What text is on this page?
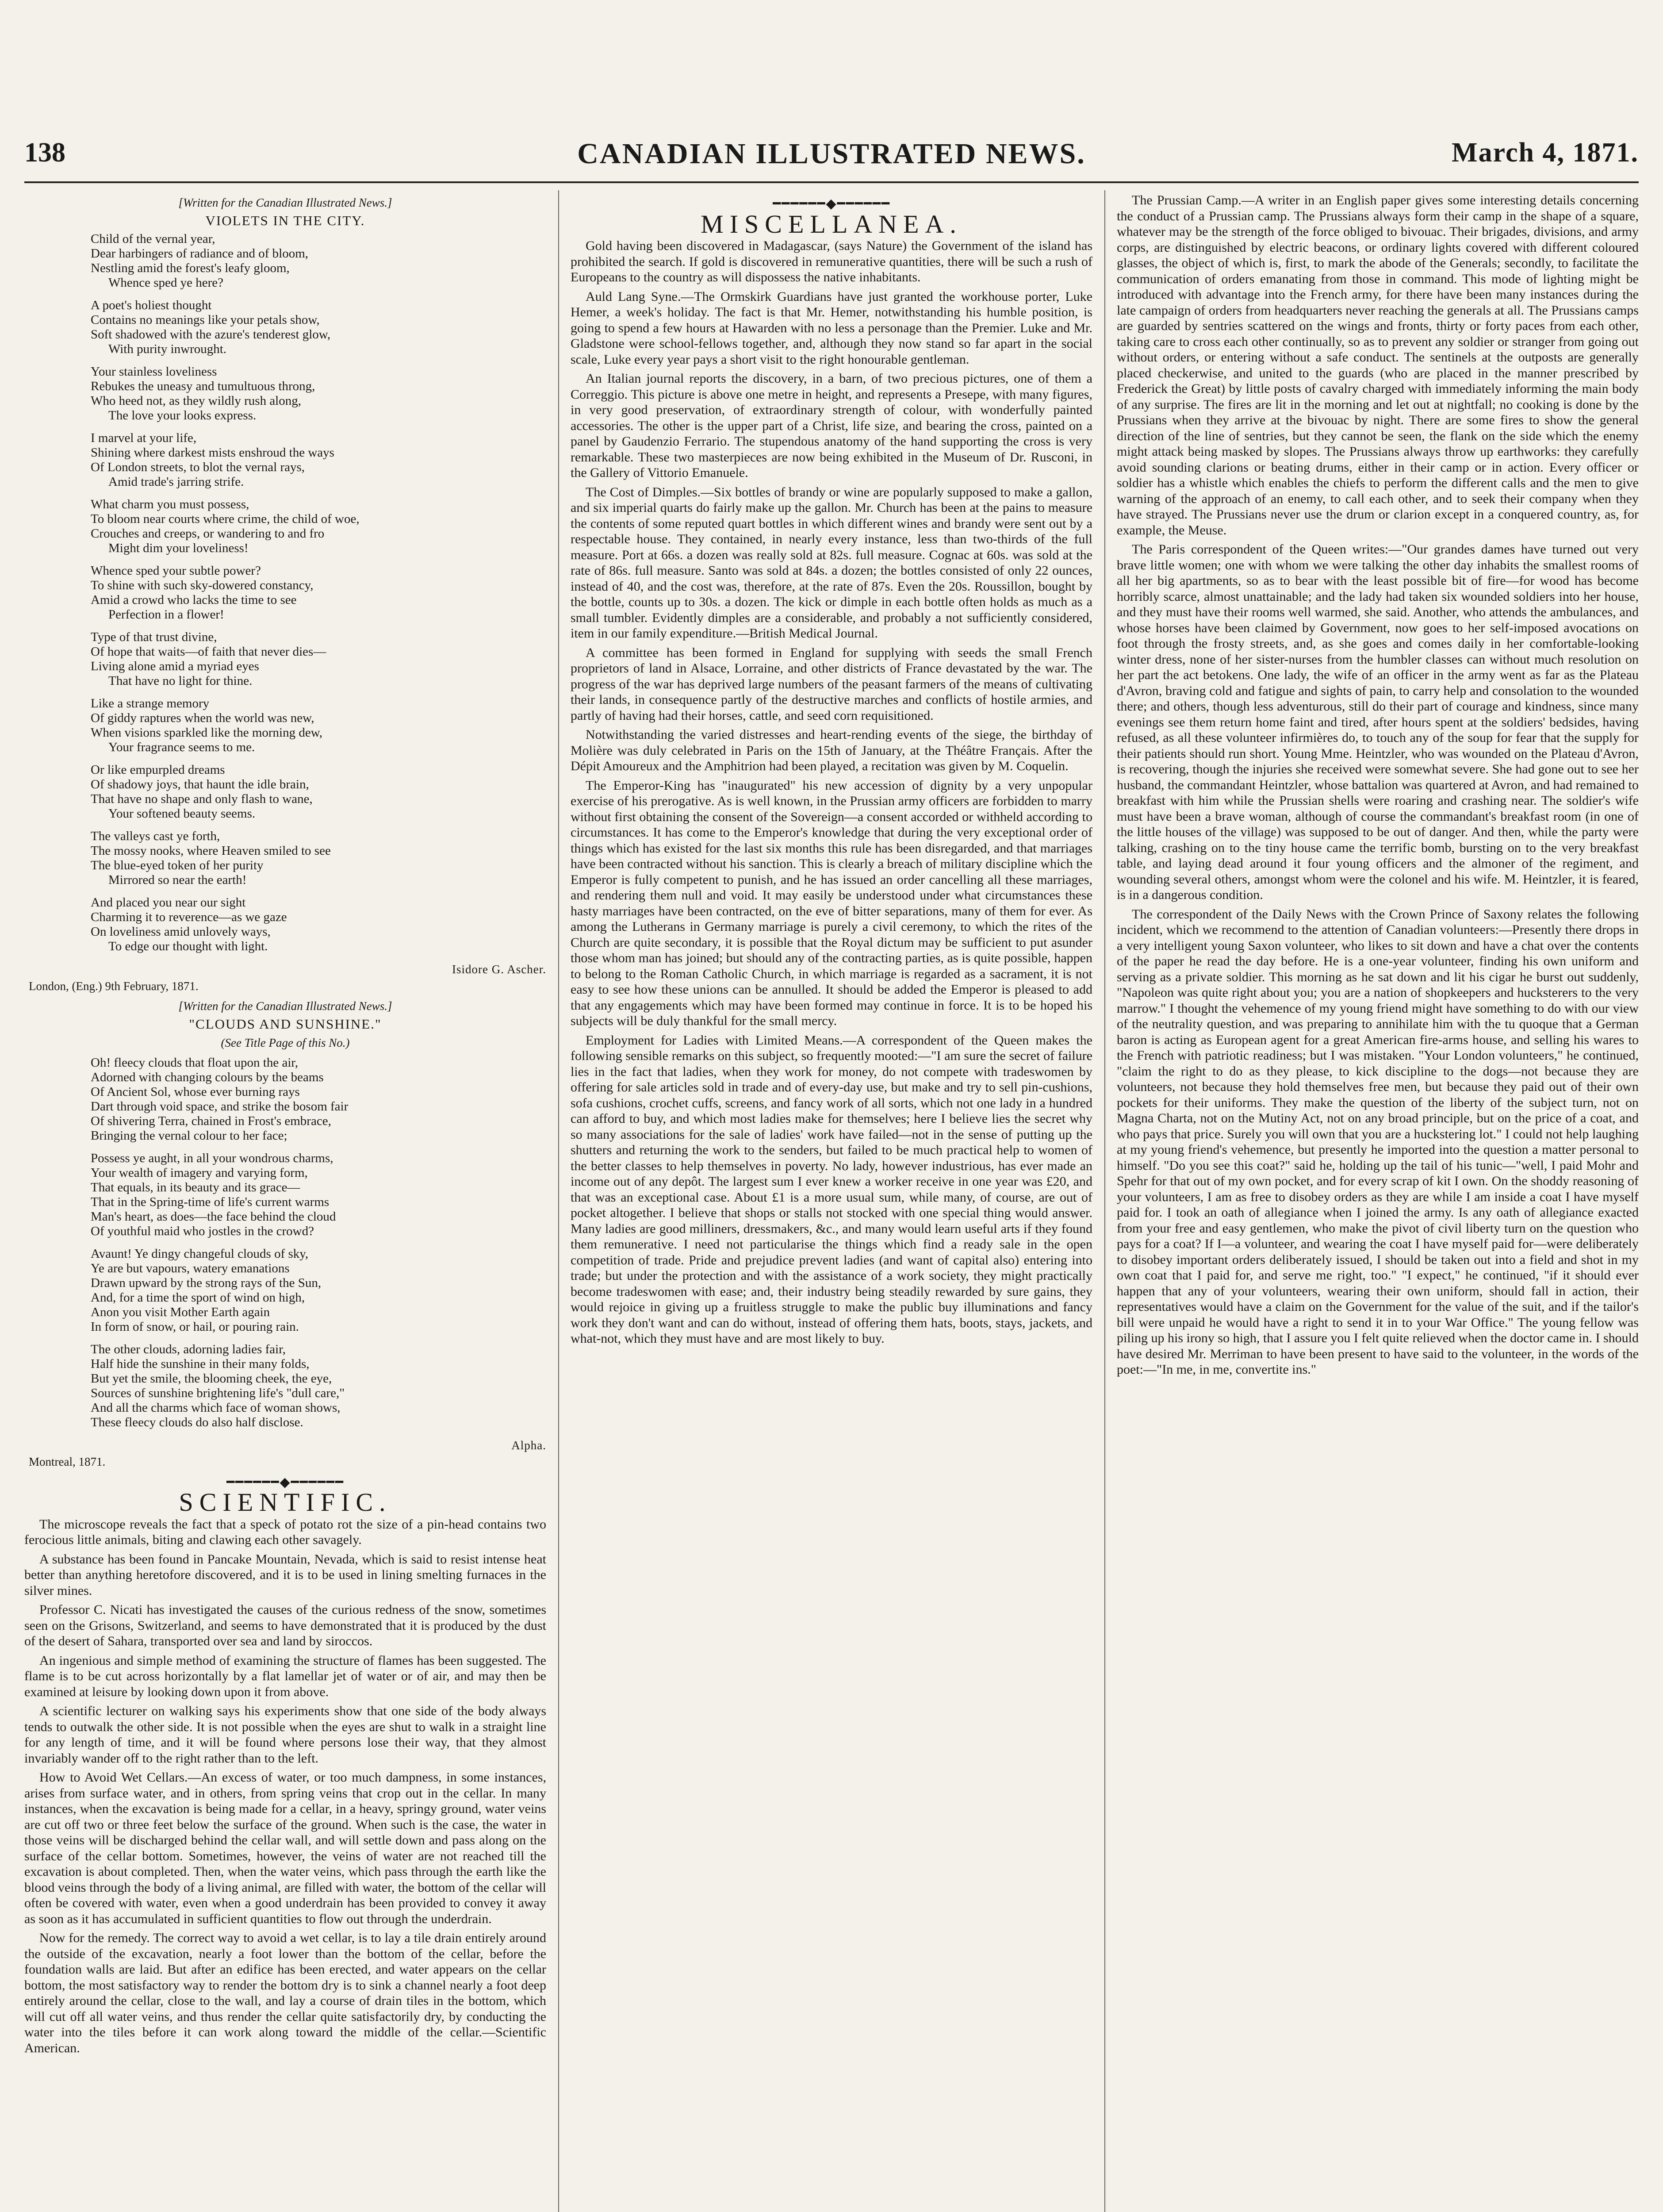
138	CANADIAN ILLUSTRATED NEWS.	March 4, 1871.
[Written for the Canadian Illustrated News.]
VIOLETS IN THE CITY.
Child of the vernal year,
Dear harbingers of radiance and of bloom,
Nestling amid the forest's leafy gloom,
Whence sped ye here?
A poet's holiest thought
Contains no meanings like your petals show,
Soft shadowed with the azure's tenderest glow,
With purity inwrought.
Your stainless loveliness
Rebukes the uneasy and tumultuous throng,
Who heed not, as they wildly rush along,
The love your looks express.
I marvel at your life,
Shining where darkest mists enshroud the ways
Of London streets, to blot the vernal rays,
Amid trade's jarring strife.
What charm you must possess,
To bloom near courts where crime, the child of woe,
Crouches and creeps, or wandering to and fro
Might dim your loveliness!
Whence sped your subtle power?
To shine with such sky-dowered constancy,
Amid a crowd who lacks the time to see
Perfection in a flower!
Type of that trust divine,
Of hope that waits—of faith that never dies—
Living alone amid a myriad eyes
That have no light for thine.
Like a strange memory
Of giddy raptures when the world was new,
When visions sparkled like the morning dew,
Your fragrance seems to me.
Or like empurpled dreams
Of shadowy joys, that haunt the idle brain,
That have no shape and only flash to wane,
Your softened beauty seems.
The valleys cast ye forth,
The mossy nooks, where Heaven smiled to see
The blue-eyed token of her purity
Mirrored so near the earth!
And placed you near our sight
Charming it to reverence—as we gaze
On loveliness amid unlovely ways,
To edge our thought with light.
Isidore G. Ascher.
London, (Eng.) 9th February, 1871.
[Written for the Canadian Illustrated News.]
"CLOUDS AND SUNSHINE."
(See Title Page of this No.)
Oh! fleecy clouds that float upon the air,
Adorned with changing colours by the beams
Of Ancient Sol, whose ever burning rays
Dart through void space, and strike the bosom fair
Of shivering Terra, chained in Frost's embrace,
Bringing the vernal colour to her face;
Possess ye aught, in all your wondrous charms,
Your wealth of imagery and varying form,
That equals, in its beauty and its grace—
That in the Spring-time of life's current warms
Man's heart, as does—the face behind the cloud
Of youthful maid who jostles in the crowd?
Avaunt! Ye dingy changeful clouds of sky,
Ye are but vapours, watery emanations
Drawn upward by the strong rays of the Sun,
And, for a time the sport of wind on high,
Anon you visit Mother Earth again
In form of snow, or hail, or pouring rain.
The other clouds, adorning ladies fair,
Half hide the sunshine in their many folds,
But yet the smile, the blooming cheek, the eye,
Sources of sunshine brightening life's "dull care,"
And all the charms which face of woman shows,
These fleecy clouds do also half disclose.
Alpha.
Montreal, 1871.
━━━━━━◆━━━━━━
SCIENTIFIC.

The microscope reveals the fact that a speck of potato rot the size of a pin-head contains two ferocious little animals, biting and clawing each other savagely.

A substance has been found in Pancake Mountain, Nevada, which is said to resist intense heat better than anything heretofore discovered, and it is to be used in lining smelting furnaces in the silver mines.

Professor C. Nicati has investigated the causes of the curious redness of the snow, sometimes seen on the Grisons, Switzerland, and seems to have demonstrated that it is produced by the dust of the desert of Sahara, transported over sea and land by siroccos.

An ingenious and simple method of examining the structure of flames has been suggested. The flame is to be cut across horizontally by a flat lamellar jet of water or of air, and may then be examined at leisure by looking down upon it from above.

A scientific lecturer on walking says his experiments show that one side of the body always tends to outwalk the other side. It is not possible when the eyes are shut to walk in a straight line for any length of time, and it will be found where persons lose their way, that they almost invariably wander off to the right rather than to the left.

How to Avoid Wet Cellars.—An excess of water, or too much dampness, in some instances, arises from surface water, and in others, from spring veins that crop out in the cellar. In many instances, when the excavation is being made for a cellar, in a heavy, springy ground, water veins are cut off two or three feet below the surface of the ground. When such is the case, the water in those veins will be discharged behind the cellar wall, and will settle down and pass along on the surface of the cellar bottom. Sometimes, however, the veins of water are not reached till the excavation is about completed. Then, when the water veins, which pass through the earth like the blood veins through the body of a living animal, are filled with water, the bottom of the cellar will often be covered with water, even when a good underdrain has been provided to convey it away as soon as it has accumulated in sufficient quantities to flow out through the underdrain.

Now for the remedy. The correct way to avoid a wet cellar, is to lay a tile drain entirely around the outside of the excavation, nearly a foot lower than the bottom of the cellar, before the foundation walls are laid. But after an edifice has been erected, and water appears on the cellar bottom, the most satisfactory way to render the bottom dry is to sink a channel nearly a foot deep entirely around the cellar, close to the wall, and lay a course of drain tiles in the bottom, which will cut off all water veins, and thus render the cellar quite satisfactorily dry, by conducting the water into the tiles before it can work along toward the middle of the cellar.—Scientific American.

━━━━━━◆━━━━━━
MISCELLANEA.

Gold having been discovered in Madagascar, (says Nature) the Government of the island has prohibited the search. If gold is discovered in remunerative quantities, there will be such a rush of Europeans to the country as will dispossess the native inhabitants.

Auld Lang Syne.—The Ormskirk Guardians have just granted the workhouse porter, Luke Hemer, a week's holiday. The fact is that Mr. Hemer, notwithstanding his humble position, is going to spend a few hours at Hawarden with no less a personage than the Premier. Luke and Mr. Gladstone were school-fellows together, and, although they now stand so far apart in the social scale, Luke every year pays a short visit to the right honourable gentleman.

An Italian journal reports the discovery, in a barn, of two precious pictures, one of them a Correggio. This picture is above one metre in height, and represents a Presepe, with many figures, in very good preservation, of extraordinary strength of colour, with wonderfully painted accessories. The other is the upper part of a Christ, life size, and bearing the cross, painted on a panel by Gaudenzio Ferrario. The stupendous anatomy of the hand supporting the cross is very remarkable. These two masterpieces are now being exhibited in the Museum of Dr. Rusconi, in the Gallery of Vittorio Emanuele.

The Cost of Dimples.—Six bottles of brandy or wine are popularly supposed to make a gallon, and six imperial quarts do fairly make up the gallon. Mr. Church has been at the pains to measure the contents of some reputed quart bottles in which different wines and brandy were sent out by a respectable house. They contained, in nearly every instance, less than two-thirds of the full measure. Port at 66s. a dozen was really sold at 82s. full measure. Cognac at 60s. was sold at the rate of 86s. full measure. Santo was sold at 84s. a dozen; the bottles consisted of only 22 ounces, instead of 40, and the cost was, therefore, at the rate of 87s. Even the 20s. Roussillon, bought by the bottle, counts up to 30s. a dozen. The kick or dimple in each bottle often holds as much as a small tumbler. Evidently dimples are a considerable, and probably a not sufficiently considered, item in our family expenditure.—British Medical Journal.

A committee has been formed in England for supplying with seeds the small French proprietors of land in Alsace, Lorraine, and other districts of France devastated by the war. The progress of the war has deprived large numbers of the peasant farmers of the means of cultivating their lands, in consequence partly of the destructive marches and conflicts of hostile armies, and partly of having had their horses, cattle, and seed corn requisitioned.

Notwithstanding the varied distresses and heart-rending events of the siege, the birthday of Molière was duly celebrated in Paris on the 15th of January, at the Théâtre Français. After the Dépit Amoureux and the Amphitrion had been played, a recitation was given by M. Coquelin.

The Emperor-King has "inaugurated" his new accession of dignity by a very unpopular exercise of his prerogative. As is well known, in the Prussian army officers are forbidden to marry without first obtaining the consent of the Sovereign—a consent accorded or withheld according to circumstances. It has come to the Emperor's knowledge that during the very exceptional order of things which has existed for the last six months this rule has been disregarded, and that marriages have been contracted without his sanction. This is clearly a breach of military discipline which the Emperor is fully competent to punish, and he has issued an order cancelling all these marriages, and rendering them null and void. It may easily be understood under what circumstances these hasty marriages have been contracted, on the eve of bitter separations, many of them for ever. As among the Lutherans in Germany marriage is purely a civil ceremony, to which the rites of the Church are quite secondary, it is possible that the Royal dictum may be sufficient to put asunder those whom man has joined; but should any of the contracting parties, as is quite possible, happen to belong to the Roman Catholic Church, in which marriage is regarded as a sacrament, it is not easy to see how these unions can be annulled. It should be added the Emperor is pleased to add that any engagements which may have been formed may continue in force. It is to be hoped his subjects will be duly thankful for the small mercy.

Employment for Ladies with Limited Means.—A correspondent of the Queen makes the following sensible remarks on this subject, so frequently mooted:—"I am sure the secret of failure lies in the fact that ladies, when they work for money, do not compete with tradeswomen by offering for sale articles sold in trade and of every-day use, but make and try to sell pin-cushions, sofa cushions, crochet cuffs, screens, and fancy work of all sorts, which not one lady in a hundred can afford to buy, and which most ladies make for themselves; here I believe lies the secret why so many associations for the sale of ladies' work have failed—not in the sense of putting up the shutters and returning the work to the senders, but failed to be much practical help to women of the better classes to help themselves in poverty. No lady, however industrious, has ever made an income out of any depôt. The largest sum I ever knew a worker receive in one year was £20, and that was an exceptional case. About £1 is a more usual sum, while many, of course, are out of pocket altogether. I believe that shops or stalls not stocked with one special thing would answer. Many ladies are good milliners, dressmakers, &c., and many would learn useful arts if they found them remunerative. I need not particularise the things which find a ready sale in the open competition of trade. Pride and prejudice prevent ladies (and want of capital also) entering into trade; but under the protection and with the assistance of a work society, they might practically become tradeswomen with ease; and, their industry being steadily rewarded by sure gains, they would rejoice in giving up a fruitless struggle to make the public buy illuminations and fancy work they don't want and can do without, instead of offering them hats, boots, stays, jackets, and what-not, which they must have and are most likely to buy.

The Prussian Camp.—A writer in an English paper gives some interesting details concerning the conduct of a Prussian camp. The Prussians always form their camp in the shape of a square, whatever may be the strength of the force obliged to bivouac. Their brigades, divisions, and army corps, are distinguished by electric beacons, or ordinary lights covered with different coloured glasses, the object of which is, first, to mark the abode of the Generals; secondly, to facilitate the communication of orders emanating from those in command. This mode of lighting might be introduced with advantage into the French army, for there have been many instances during the late campaign of orders from headquarters never reaching the generals at all. The Prussians camps are guarded by sentries scattered on the wings and fronts, thirty or forty paces from each other, taking care to cross each other continually, so as to prevent any soldier or stranger from going out without orders, or entering without a safe conduct. The sentinels at the outposts are generally placed checkerwise, and united to the guards (who are placed in the manner prescribed by Frederick the Great) by little posts of cavalry charged with immediately informing the main body of any surprise. The fires are lit in the morning and let out at nightfall; no cooking is done by the Prussians when they arrive at the bivouac by night. There are some fires to show the general direction of the line of sentries, but they cannot be seen, the flank on the side which the enemy might attack being masked by slopes. The Prussians always throw up earthworks: they carefully avoid sounding clarions or beating drums, either in their camp or in action. Every officer or soldier has a whistle which enables the chiefs to perform the different calls and the men to give warning of the approach of an enemy, to call each other, and to seek their company when they have strayed. The Prussians never use the drum or clarion except in a conquered country, as, for example, the Meuse.

The Paris correspondent of the Queen writes:—"Our grandes dames have turned out very brave little women; one with whom we were talking the other day inhabits the smallest rooms of all her big apartments, so as to bear with the least possible bit of fire—for wood has become horribly scarce, almost unattainable; and the lady had taken six wounded soldiers into her house, and they must have their rooms well warmed, she said. Another, who attends the ambulances, and whose horses have been claimed by Government, now goes to her self-imposed avocations on foot through the frosty streets, and, as she goes and comes daily in her comfortable-looking winter dress, none of her sister-nurses from the humbler classes can without much resolution on her part the act betokens. One lady, the wife of an officer in the army went as far as the Plateau d'Avron, braving cold and fatigue and sights of pain, to carry help and consolation to the wounded there; and others, though less adventurous, still do their part of courage and kindness, since many evenings see them return home faint and tired, after hours spent at the soldiers' bedsides, having refused, as all these volunteer infirmières do, to touch any of the soup for fear that the supply for their patients should run short. Young Mme. Heintzler, who was wounded on the Plateau d'Avron, is recovering, though the injuries she received were somewhat severe. She had gone out to see her husband, the commandant Heintzler, whose battalion was quartered at Avron, and had remained to breakfast with him while the Prussian shells were roaring and crashing near. The soldier's wife must have been a brave woman, although of course the commandant's breakfast room (in one of the little houses of the village) was supposed to be out of danger. And then, while the party were talking, crashing on to the tiny house came the terrific bomb, bursting on to the very breakfast table, and laying dead around it four young officers and the almoner of the regiment, and wounding several others, amongst whom were the colonel and his wife. M. Heintzler, it is feared, is in a dangerous condition.

The correspondent of the Daily News with the Crown Prince of Saxony relates the following incident, which we recommend to the attention of Canadian volunteers:—Presently there drops in a very intelligent young Saxon volunteer, who likes to sit down and have a chat over the contents of the paper he read the day before. He is a one-year volunteer, finding his own uniform and serving as a private soldier. This morning as he sat down and lit his cigar he burst out suddenly, "Napoleon was quite right about you; you are a nation of shopkeepers and hucksterers to the very marrow." I thought the vehemence of my young friend might have something to do with our view of the neutrality question, and was preparing to annihilate him with the tu quoque that a German baron is acting as European agent for a great American fire-arms house, and selling his wares to the French with patriotic readiness; but I was mistaken. "Your London volunteers," he continued, "claim the right to do as they please, to kick discipline to the dogs—not because they are volunteers, not because they hold themselves free men, but because they paid out of their own pockets for their uniforms. They make the question of the liberty of the subject turn, not on Magna Charta, not on the Mutiny Act, not on any broad principle, but on the price of a coat, and who pays that price. Surely you will own that you are a huckstering lot." I could not help laughing at my young friend's vehemence, but presently he imported into the question a matter personal to himself. "Do you see this coat?" said he, holding up the tail of his tunic—"well, I paid Mohr and Spehr for that out of my own pocket, and for every scrap of kit I own. On the shoddy reasoning of your volunteers, I am as free to disobey orders as they are while I am inside a coat I have myself paid for. I took an oath of allegiance when I joined the army. Is any oath of allegiance exacted from your free and easy gentlemen, who make the pivot of civil liberty turn on the question who pays for a coat? If I—a volunteer, and wearing the coat I have myself paid for—were deliberately to disobey important orders deliberately issued, I should be taken out into a field and shot in my own coat that I paid for, and serve me right, too." "I expect," he continued, "if it should ever happen that any of your volunteers, wearing their own uniform, should fall in action, their representatives would have a claim on the Government for the value of the suit, and if the tailor's bill were unpaid he would have a right to send it in to your War Office." The young fellow was piling up his irony so high, that I assure you I felt quite relieved when the doctor came in. I should have desired Mr. Merriman to have been present to have said to the volunteer, in the words of the poet:—"In me, in me, convertite ins."
